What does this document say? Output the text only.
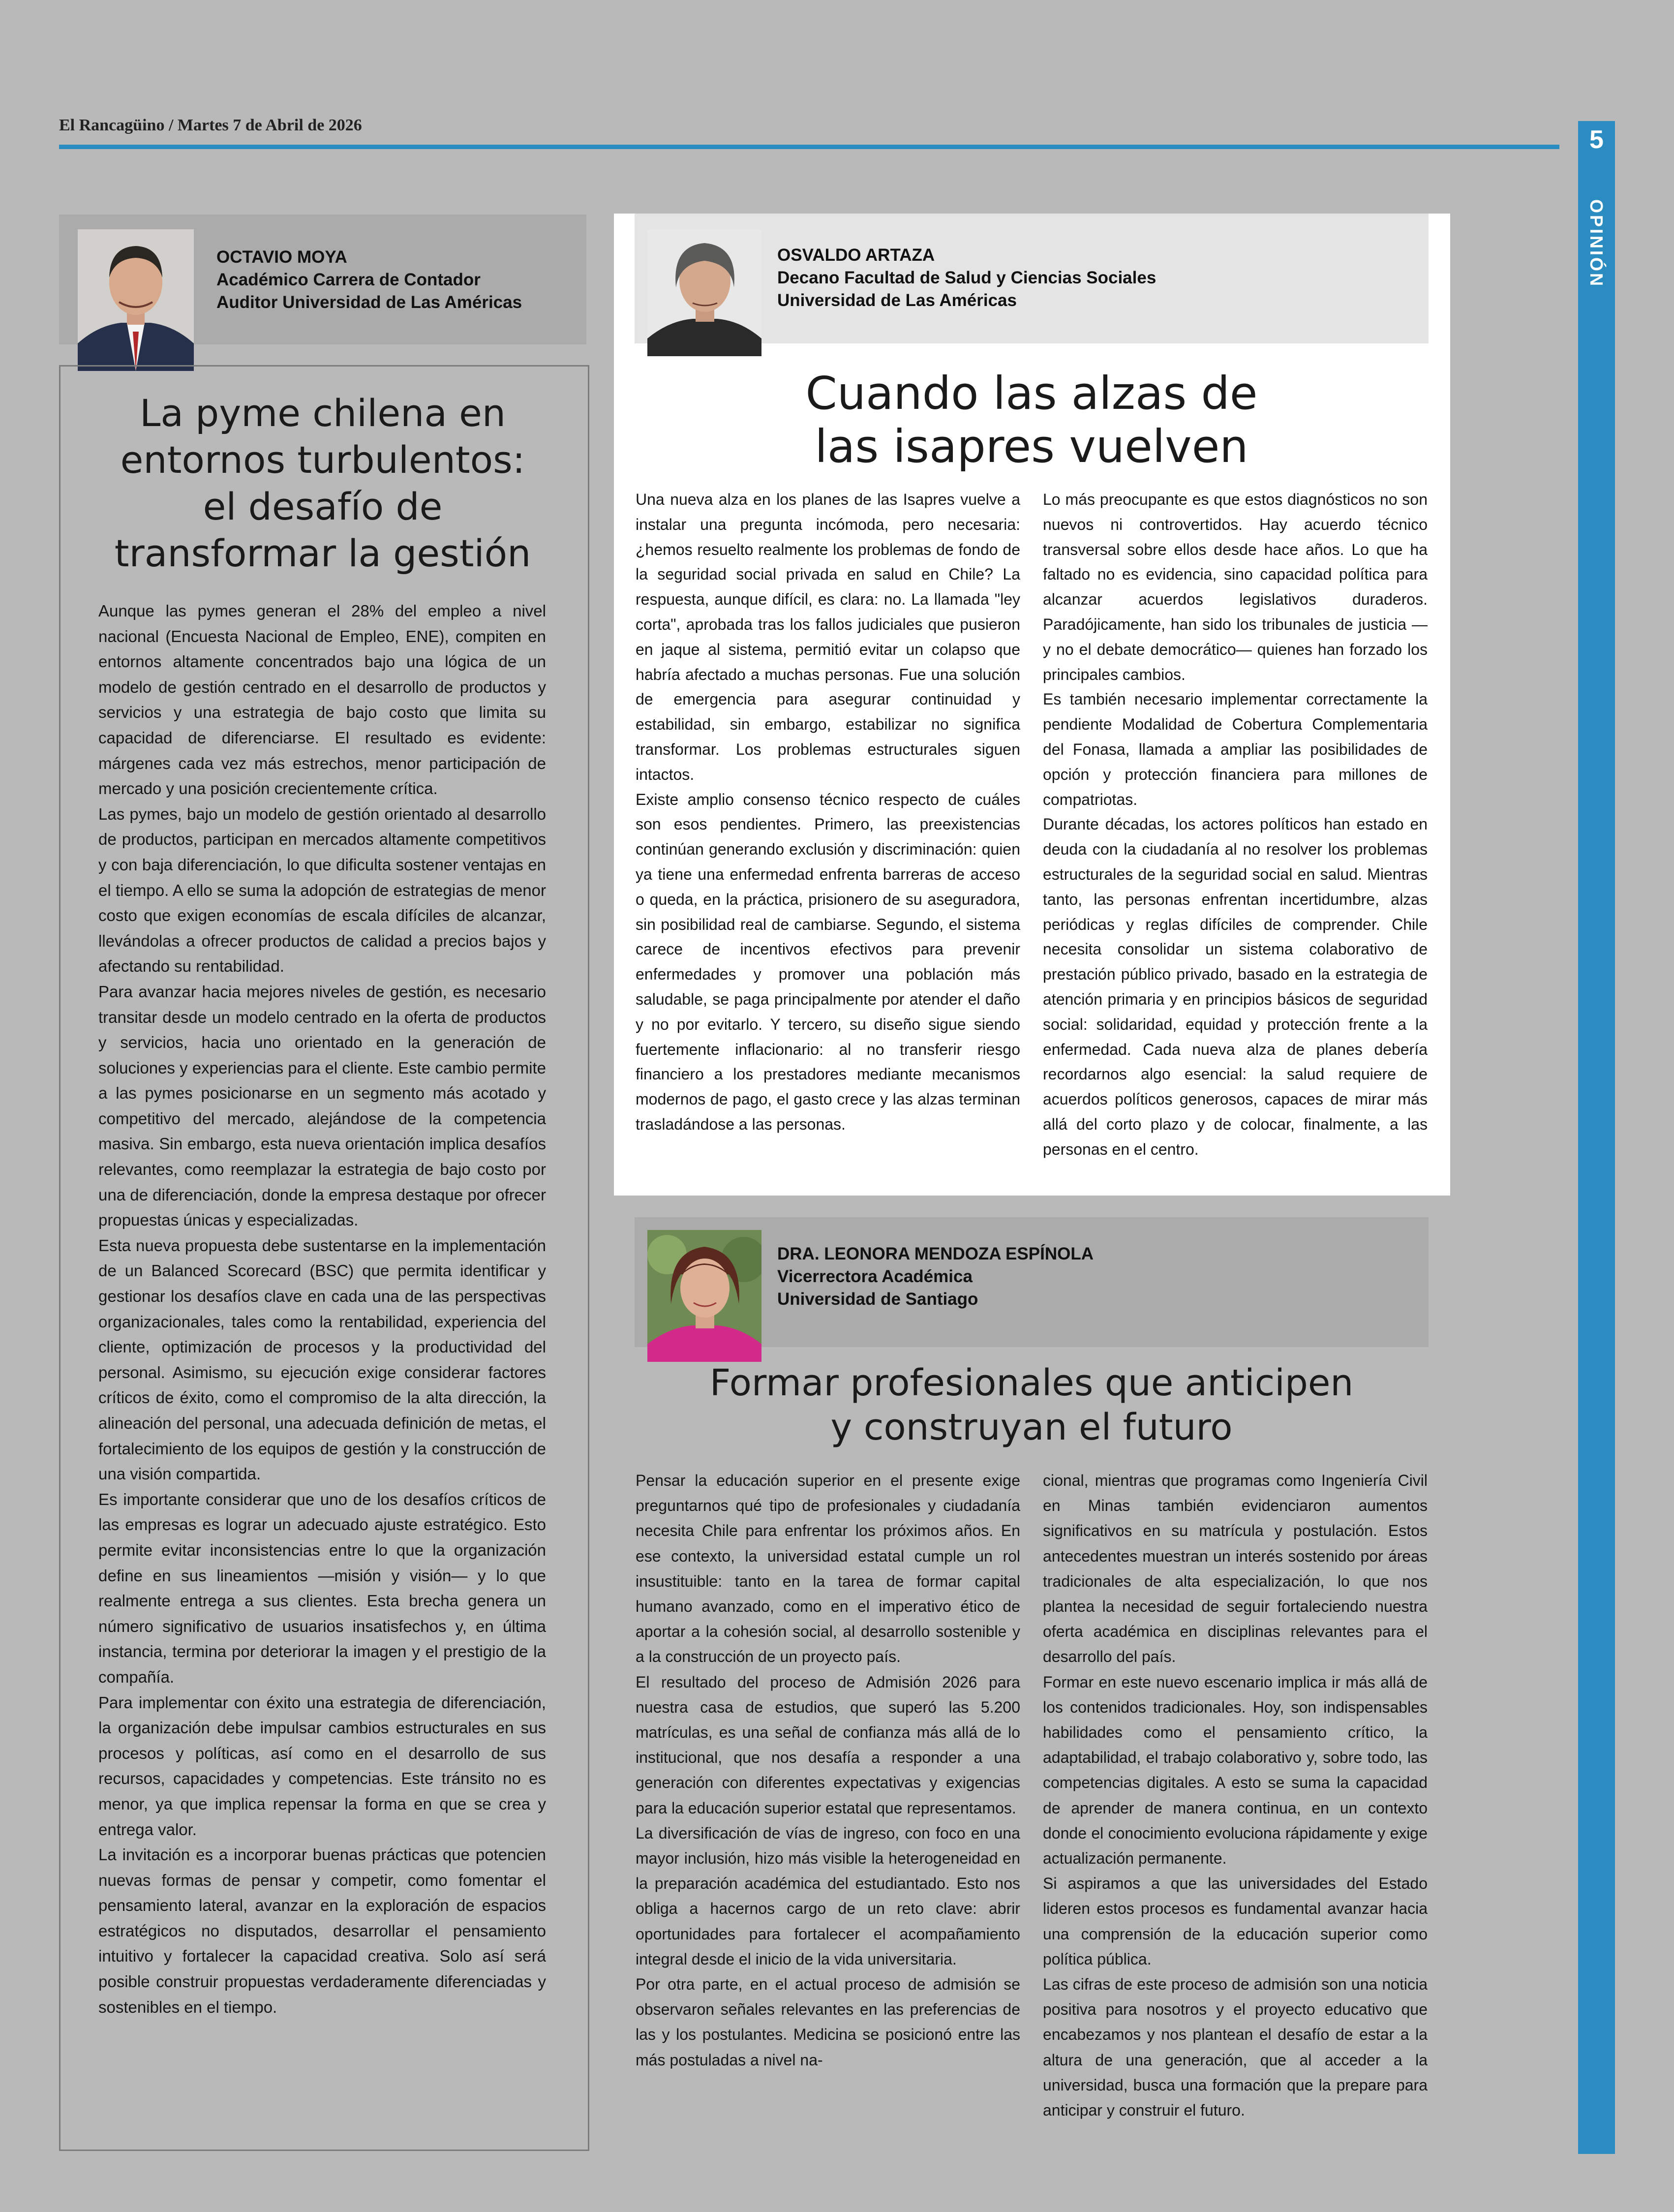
El Rancagüino / Martes 7 de Abril de 2026
5
OPINIÓN
OCTAVIO MOYA
Académico Carrera de Contador
Auditor Universidad de Las Américas
La pyme chilena en
entornos turbulentos:
el desafío de
transformar la gestión

Aunque las pymes generan el 28% del empleo a nivel nacional (Encuesta Nacional de Empleo, ENE), compiten en entornos altamente concentrados bajo una lógica de un modelo de gestión centrado en el desarrollo de productos y servicios y una estrategia de bajo costo que limita su capacidad de diferenciarse. El resultado es evidente: márgenes cada vez más estrechos, menor participación de mercado y una posición crecientemente crítica.

Las pymes, bajo un modelo de gestión orientado al desarrollo de productos, participan en mercados altamente competitivos y con baja diferenciación, lo que dificulta sostener ventajas en el tiempo. A ello se suma la adopción de estrategias de menor costo que exigen economías de escala difíciles de alcanzar, llevándolas a ofrecer productos de calidad a precios bajos y afectando su rentabilidad.

Para avanzar hacia mejores niveles de gestión, es necesario transitar desde un modelo centrado en la oferta de productos y servicios, hacia uno orientado en la generación de soluciones y experiencias para el cliente. Este cambio permite a las pymes posicionarse en un segmento más acotado y competitivo del mercado, alejándose de la competencia masiva. Sin embargo, esta nueva orientación implica desafíos relevantes, como reemplazar la estrategia de bajo costo por una de diferenciación, donde la empresa destaque por ofrecer propuestas únicas y especializadas.

Esta nueva propuesta debe sustentarse en la implementación de un Balanced Scorecard (BSC) que permita identificar y gestionar los desafíos clave en cada una de las perspectivas organizacionales, tales como la rentabilidad, experiencia del cliente, optimización de procesos y la productividad del personal. Asimismo, su ejecución exige considerar factores críticos de éxito, como el compromiso de la alta dirección, la alineación del personal, una adecuada definición de metas, el fortalecimiento de los equipos de gestión y la construcción de una visión compartida.

Es importante considerar que uno de los desafíos críticos de las empresas es lograr un adecuado ajuste estratégico. Esto permite evitar inconsistencias entre lo que la organización define en sus lineamientos —misión y visión— y lo que realmente entrega a sus clientes. Esta brecha genera un número significativo de usuarios insatisfechos y, en última instancia, termina por deteriorar la imagen y el prestigio de la compañía.

Para implementar con éxito una estrategia de diferenciación, la organización debe impulsar cambios estructurales en sus procesos y políticas, así como en el desarrollo de sus recursos, capacidades y competencias. Este tránsito no es menor, ya que implica repensar la forma en que se crea y entrega valor.

La invitación es a incorporar buenas prácticas que potencien nuevas formas de pensar y competir, como fomentar el pensamiento lateral, avanzar en la exploración de espacios estratégicos no disputados, desarrollar el pensamiento intuitivo y fortalecer la capacidad creativa. Solo así será posible construir propuestas verdaderamente diferenciadas y sostenibles en el tiempo.

OSVALDO ARTAZA
Decano Facultad de Salud y Ciencias Sociales
Universidad de Las Américas
Cuando las alzas de
las isapres vuelven

Una nueva alza en los planes de las Isapres vuelve a instalar una pregunta incómoda, pero necesaria: ¿hemos resuelto realmente los problemas de fondo de la seguridad social privada en salud en Chile? La respuesta, aunque difícil, es clara: no. La llamada "ley corta", aprobada tras los fallos judiciales que pusieron en jaque al sistema, permitió evitar un colapso que habría afectado a muchas personas. Fue una solución de emergencia para asegurar continuidad y estabilidad, sin embargo, estabilizar no significa transformar. Los problemas estructurales siguen intactos.

Existe amplio consenso técnico respecto de cuáles son esos pendientes. Primero, las preexistencias continúan generando exclusión y discriminación: quien ya tiene una enfermedad enfrenta barreras de acceso o queda, en la práctica, prisionero de su aseguradora, sin posibilidad real de cambiarse. Segundo, el sistema carece de incentivos efectivos para prevenir enfermedades y promover una población más saludable, se paga principalmente por atender el daño y no por evitarlo. Y tercero, su diseño sigue siendo fuertemente inflacionario: al no transferir riesgo financiero a los prestadores mediante mecanismos modernos de pago, el gasto crece y las alzas terminan trasladándose a las personas.

Lo más preocupante es que estos diagnósticos no son nuevos ni controvertidos. Hay acuerdo técnico transversal sobre ellos desde hace años. Lo que ha faltado no es evidencia, sino capacidad política para alcanzar acuerdos legislativos duraderos. Paradójicamente, han sido los tribunales de justicia —y no el debate democrático— quienes han forzado los principales cambios.

Es también necesario implementar correctamente la pendiente Modalidad de Cobertura Complementaria del Fonasa, llamada a ampliar las posibilidades de opción y protección financiera para millones de compatriotas.

Durante décadas, los actores políticos han estado en deuda con la ciudadanía al no resolver los problemas estructurales de la seguridad social en salud. Mientras tanto, las personas enfrentan incertidumbre, alzas periódicas y reglas difíciles de comprender. Chile necesita consolidar un sistema colaborativo de prestación público privado, basado en la estrategia de atención primaria y en principios básicos de seguridad social: solidaridad, equidad y protección frente a la enfermedad. Cada nueva alza de planes debería recordarnos algo esencial: la salud requiere de acuerdos políticos generosos, capaces de mirar más allá del corto plazo y de colocar, finalmente, a las personas en el centro.

DRA. LEONORA MENDOZA ESPÍNOLA
Vicerrectora Académica
Universidad de Santiago
Formar profesionales que anticipen
y construyan el futuro

Pensar la educación superior en el presente exige preguntarnos qué tipo de profesionales y ciudadanía necesita Chile para enfrentar los próximos años. En ese contexto, la universidad estatal cumple un rol insustituible: tanto en la tarea de formar capital humano avanzado, como en el imperativo ético de aportar a la cohesión social, al desarrollo sostenible y a la construcción de un proyecto país.

El resultado del proceso de Admisión 2026 para nuestra casa de estudios, que superó las 5.200 matrículas, es una señal de confianza más allá de lo institucional, que nos desafía a responder a una generación con diferentes expectativas y exigencias para la educación superior estatal que representamos.

La diversificación de vías de ingreso, con foco en una mayor inclusión, hizo más visible la heterogeneidad en la preparación académica del estudiantado. Esto nos obliga a hacernos cargo de un reto clave: abrir oportunidades para fortalecer el acompañamiento integral desde el inicio de la vida universitaria.

Por otra parte, en el actual proceso de admisión se observaron señales relevantes en las preferencias de las y los postulantes. Medicina se posicionó entre las más postuladas a nivel na-

cional, mientras que programas como Ingeniería Civil en Minas también evidenciaron aumentos significativos en su matrícula y postulación. Estos antecedentes muestran un interés sostenido por áreas tradicionales de alta especialización, lo que nos plantea la necesidad de seguir fortaleciendo nuestra oferta académica en disciplinas relevantes para el desarrollo del país.

Formar en este nuevo escenario implica ir más allá de los contenidos tradicionales. Hoy, son indispensables habilidades como el pensamiento crítico, la adaptabilidad, el trabajo colaborativo y, sobre todo, las competencias digitales. A esto se suma la capacidad de aprender de manera continua, en un contexto donde el conocimiento evoluciona rápidamente y exige actualización permanente.

Si aspiramos a que las universidades del Estado lideren estos procesos es fundamental avanzar hacia una comprensión de la educación superior como política pública.

Las cifras de este proceso de admisión son una noticia positiva para nosotros y el proyecto educativo que encabezamos y nos plantean el desafío de estar a la altura de una generación, que al acceder a la universidad, busca una formación que la prepare para anticipar y construir el futuro.
